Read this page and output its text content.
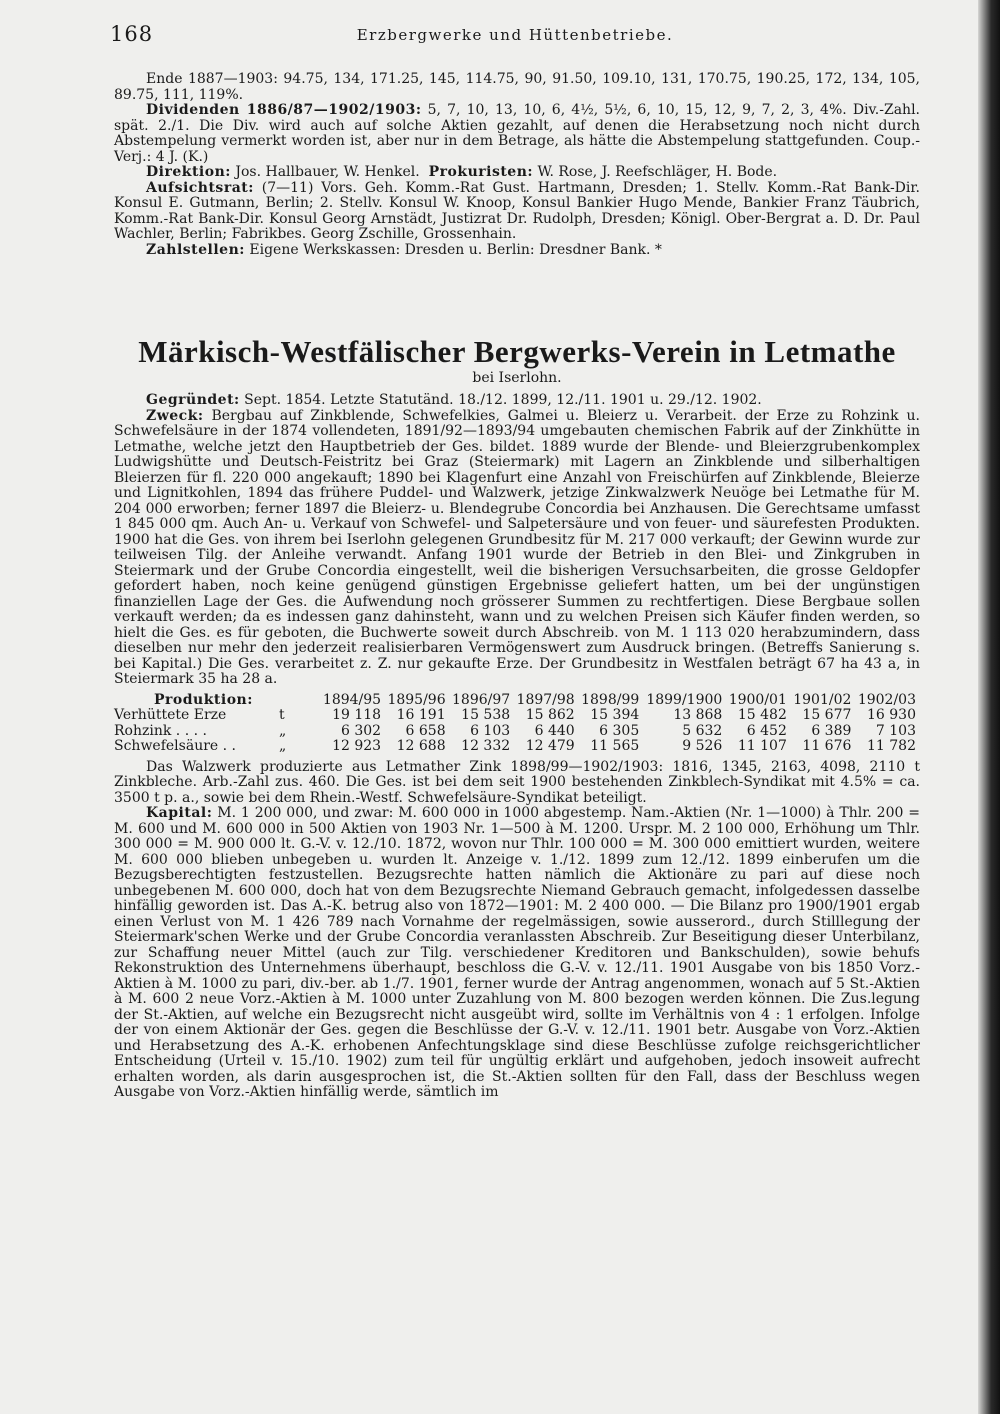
168	Erzbergwerke und Hüttenbetriebe.

Ende 1887—1903: 94.75, 134, 171.25, 145, 114.75, 90, 91.50, 109.10, 131, 170.75, 190.25, 172, 134, 105, 89.75, 111, 119%.

Dividenden 1886/87—1902/1903: 5, 7, 10, 13, 10, 6, 4½, 5½, 6, 10, 15, 12, 9, 7, 2, 3, 4%. Div.-Zahl. spät. 2./1. Die Div. wird auch auf solche Aktien gezahlt, auf denen die Herabsetzung noch nicht durch Abstempelung vermerkt worden ist, aber nur in dem Betrage, als hätte die Abstempelung stattgefunden. Coup.-Verj.: 4 J. (K.)

Direktion: Jos. Hallbauer, W. Henkel. Prokuristen: W. Rose, J. Reefschläger, H. Bode.

Aufsichtsrat: (7—11) Vors. Geh. Komm.-Rat Gust. Hartmann, Dresden; 1. Stellv. Komm.-Rat Bank-Dir. Konsul E. Gutmann, Berlin; 2. Stellv. Konsul W. Knoop, Konsul Bankier Hugo Mende, Bankier Franz Täubrich, Komm.-Rat Bank-Dir. Konsul Georg Arnstädt, Justizrat Dr. Rudolph, Dresden; Königl. Ober-Bergrat a. D. Dr. Paul Wachler, Berlin; Fabrikbes. Georg Zschille, Grossenhain.

Zahlstellen: Eigene Werkskassen: Dresden u. Berlin: Dresdner Bank. *

Märkisch-Westfälischer Bergwerks-Verein in Letmathe
bei Iserlohn.

Gegründet: Sept. 1854. Letzte Statutänd. 18./12. 1899, 12./11. 1901 u. 29./12. 1902.

Zweck: Bergbau auf Zinkblende, Schwefelkies, Galmei u. Bleierz u. Verarbeit. der Erze zu Rohzink u. Schwefelsäure in der 1874 vollendeten, 1891/92—1893/94 umgebauten chemischen Fabrik auf der Zinkhütte in Letmathe, welche jetzt den Hauptbetrieb der Ges. bildet. 1889 wurde der Blende- und Bleierzgrubenkomplex Ludwigshütte und Deutsch-Feistritz bei Graz (Steiermark) mit Lagern an Zinkblende und silberhaltigen Bleierzen für fl. 220 000 angekauft; 1890 bei Klagenfurt eine Anzahl von Freischürfen auf Zinkblende, Bleierze und Lignitkohlen, 1894 das frühere Puddel- und Walzwerk, jetzige Zinkwalzwerk Neuöge bei Letmathe für M. 204 000 erworben; ferner 1897 die Bleierz- u. Blendegrube Concordia bei Anzhausen. Die Gerechtsame umfasst 1 845 000 qm. Auch An- u. Verkauf von Schwefel- und Salpetersäure und von feuer- und säurefesten Produkten. 1900 hat die Ges. von ihrem bei Iserlohn gelegenen Grundbesitz für M. 217 000 verkauft; der Gewinn wurde zur teilweisen Tilg. der Anleihe verwandt. Anfang 1901 wurde der Betrieb in den Blei- und Zinkgruben in Steiermark und der Grube Concordia eingestellt, weil die bisherigen Versuchsarbeiten, die grosse Geldopfer gefordert haben, noch keine genügend günstigen Ergebnisse geliefert hatten, um bei der ungünstigen finanziellen Lage der Ges. die Aufwendung noch grösserer Summen zu rechtfertigen. Diese Bergbaue sollen verkauft werden; da es indessen ganz dahinsteht, wann und zu welchen Preisen sich Käufer finden werden, so hielt die Ges. es für geboten, die Buchwerte soweit durch Abschreib. von M. 1 113 020 herabzumindern, dass dieselben nur mehr den jederzeit realisierbaren Vermögenswert zum Ausdruck bringen. (Betreffs Sanierung s. bei Kapital.) Die Ges. verarbeitet z. Z. nur gekaufte Erze. Der Grundbesitz in Westfalen beträgt 67 ha 43 a, in Steiermark 35 ha 28 a.

Produktion:		1894/95	1895/96	1896/97	1897/98	1898/99	1899/1900	1900/01	1901/02	1902/03
Verhüttete Erze	t	19 118	16 191	15 538	15 862	15 394	13 868	15 482	15 677	16 930
Rohzink . . . .	„	6 302	6 658	6 103	6 440	6 305	5 632	6 452	6 389	7 103
Schwefelsäure . .	„	12 923	12 688	12 332	12 479	11 565	9 526	11 107	11 676	11 782

Das Walzwerk produzierte aus Letmather Zink 1898/99—1902/1903: 1816, 1345, 2163, 4098, 2110 t Zinkbleche. Arb.-Zahl zus. 460. Die Ges. ist bei dem seit 1900 bestehenden Zinkblech-Syndikat mit 4.5% = ca. 3500 t p. a., sowie bei dem Rhein.-Westf. Schwefelsäure-Syndikat beteiligt.

Kapital: M. 1 200 000, und zwar: M. 600 000 in 1000 abgestemp. Nam.-Aktien (Nr. 1—1000) à Thlr. 200 = M. 600 und M. 600 000 in 500 Aktien von 1903 Nr. 1—500 à M. 1200. Urspr. M. 2 100 000, Erhöhung um Thlr. 300 000 = M. 900 000 lt. G.-V. v. 12./10. 1872, wovon nur Thlr. 100 000 = M. 300 000 emittiert wurden, weitere M. 600 000 blieben unbegeben u. wurden lt. Anzeige v. 1./12. 1899 zum 12./12. 1899 einberufen um die Bezugsberechtigten festzustellen. Bezugsrechte hatten nämlich die Aktionäre zu pari auf diese noch unbegebenen M. 600 000, doch hat von dem Bezugsrechte Niemand Gebrauch gemacht, infolgedessen dasselbe hinfällig geworden ist. Das A.-K. betrug also von 1872—1901: M. 2 400 000. — Die Bilanz pro 1900/1901 ergab einen Verlust von M. 1 426 789 nach Vornahme der regelmässigen, sowie ausserord., durch Stilllegung der Steiermark'schen Werke und der Grube Concordia veranlassten Abschreib. Zur Beseitigung dieser Unterbilanz, zur Schaffung neuer Mittel (auch zur Tilg. verschiedener Kreditoren und Bankschulden), sowie behufs Rekonstruktion des Unternehmens überhaupt, beschloss die G.-V. v. 12./11. 1901 Ausgabe von bis 1850 Vorz.-Aktien à M. 1000 zu pari, div.-ber. ab 1./7. 1901, ferner wurde der Antrag angenommen, wonach auf 5 St.-Aktien à M. 600 2 neue Vorz.-Aktien à M. 1000 unter Zuzahlung von M. 800 bezogen werden können. Die Zus.legung der St.-Aktien, auf welche ein Bezugsrecht nicht ausgeübt wird, sollte im Verhältnis von 4 : 1 erfolgen. Infolge der von einem Aktionär der Ges. gegen die Beschlüsse der G.-V. v. 12./11. 1901 betr. Ausgabe von Vorz.-Aktien und Herabsetzung des A.-K. erhobenen Anfechtungsklage sind diese Beschlüsse zufolge reichsgerichtlicher Entscheidung (Urteil v. 15./10. 1902) zum teil für ungültig erklärt und aufgehoben, jedoch insoweit aufrecht erhalten worden, als darin ausgesprochen ist, die St.-Aktien sollten für den Fall, dass der Beschluss wegen Ausgabe von Vorz.-Aktien hinfällig werde, sämtlich im
